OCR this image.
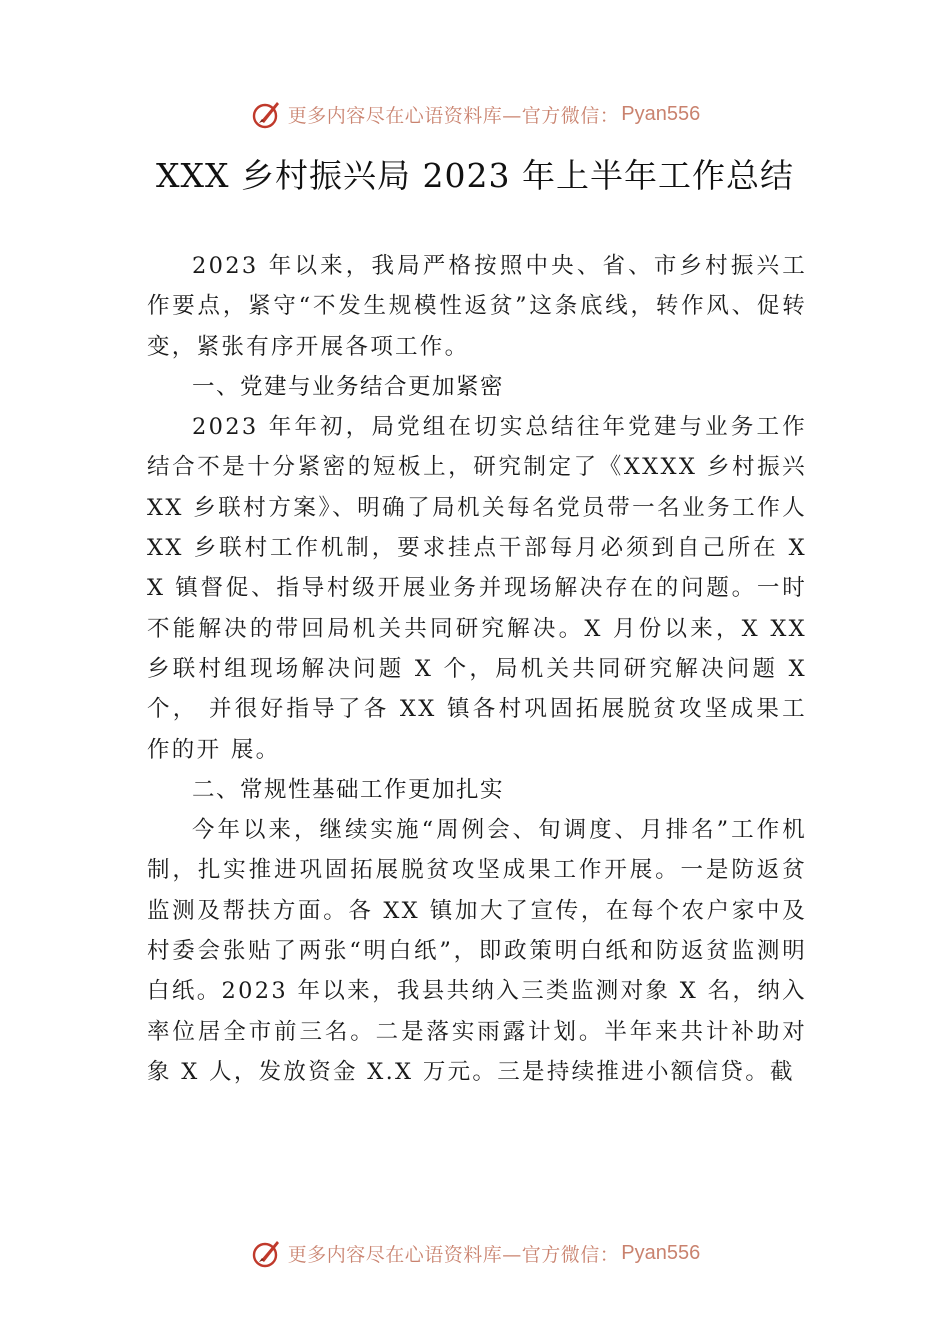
更多内容尽在心语资料库—官方微信： Pyan556
XXX 乡村振兴局 2023 年上半年工作总结

2023 年以来，我局严格按照中央、省、市乡村振兴工作要点，紧守“不发生规模性返贫”这条底线，转作风、促转变，紧张有序开展各项工作。

一、党建与业务结合更加紧密

2023 年年初，局党组在切实总结往年党建与业务工作结合不是十分紧密的短板上，研究制定了《XXXX 乡村振兴 XX 乡联村方案》、明确了局机关每名党员带一名业务工作人 XX 乡联村工作机制，要求挂点干部每月必须到自己所在 XX 镇督促、指导村级开展业务并现场解决存在的问题。一时不能解决的带回局机关共同研究解决。X 月份以来，X XX 乡联村组现场解决问题 X 个，局机关共同研究解决问题 X 个， 并很好指导了各 XX 镇各村巩固拓展脱贫攻坚成果工作的开 展。

二、常规性基础工作更加扎实

今年以来，继续实施“周例会、旬调度、月排名”工作机制，扎实推进巩固拓展脱贫攻坚成果工作开展。一是防返贫监测及帮扶方面。各 XX 镇加大了宣传，在每个农户家中及村委会张贴了两张“明白纸”，即政策明白纸和防返贫监测明白纸。2023 年以来，我县共纳入三类监测对象 X 名，纳入率位居全市前三名。二是落实雨露计划。半年来共计补助对象 X 人，发放资金 X.X 万元。三是持续推进小额信贷。截

更多内容尽在心语资料库—官方微信： Pyan556
